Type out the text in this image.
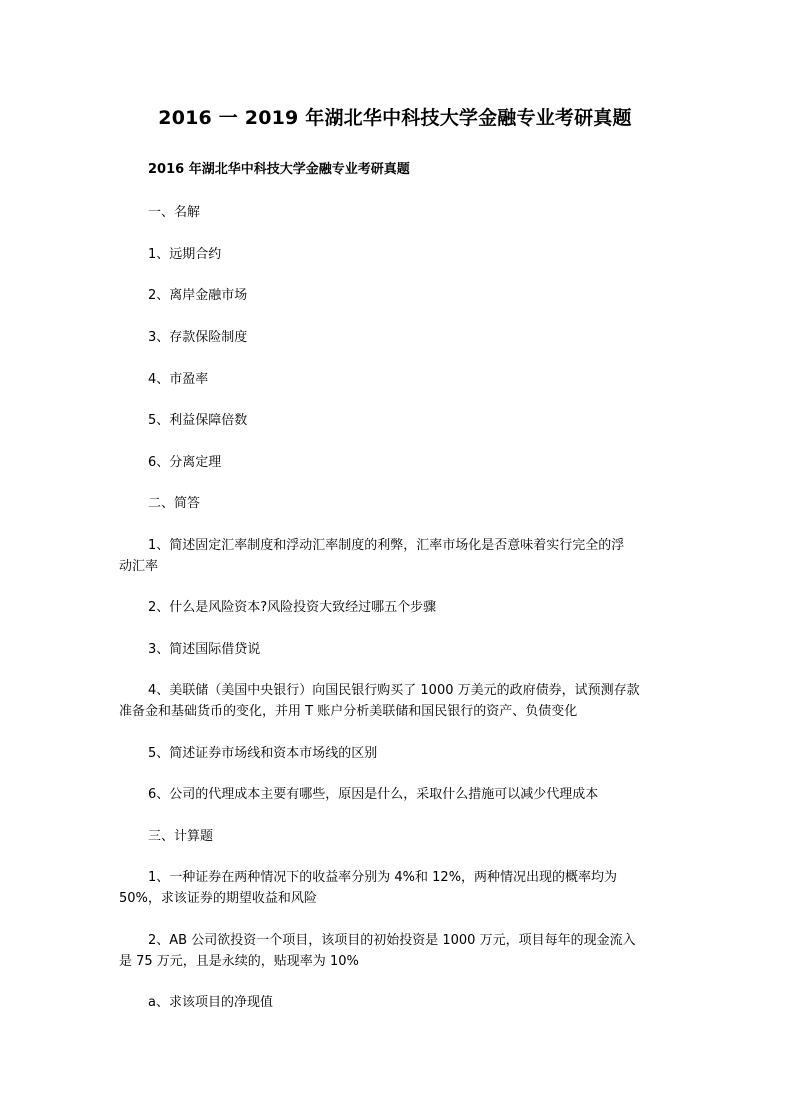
2016 一 2019 年湖北华中科技大学金融专业考研真题
2016 年湖北华中科技大学金融专业考研真题
一、名解
1、远期合约
2、离岸金融市场
3、存款保险制度
4、市盈率
5、利益保障倍数
6、分离定理
二、简答
1、简述固定汇率制度和浮动汇率制度的利弊，汇率市场化是否意味着实行完全的浮
动汇率
2、什么是风险资本?风险投资大致经过哪五个步骤
3、简述国际借贷说
4、美联储（美国中央银行）向国民银行购买了 1000 万美元的政府债券，试预测存款
准备金和基础货币的变化，并用 T 账户分析美联储和国民银行的资产、负债变化
5、简述证券市场线和资本市场线的区别
6、公司的代理成本主要有哪些，原因是什么，采取什么措施可以减少代理成本
三、计算题
1、一种证券在两种情况下的收益率分别为 4%和 12%，两种情况出现的概率均为
50%，求该证券的期望收益和风险
2、AB 公司欲投资一个项目，该项目的初始投资是 1000 万元，项目每年的现金流入
是 75 万元，且是永续的，贴现率为 10%
a、求该项目的净现值
